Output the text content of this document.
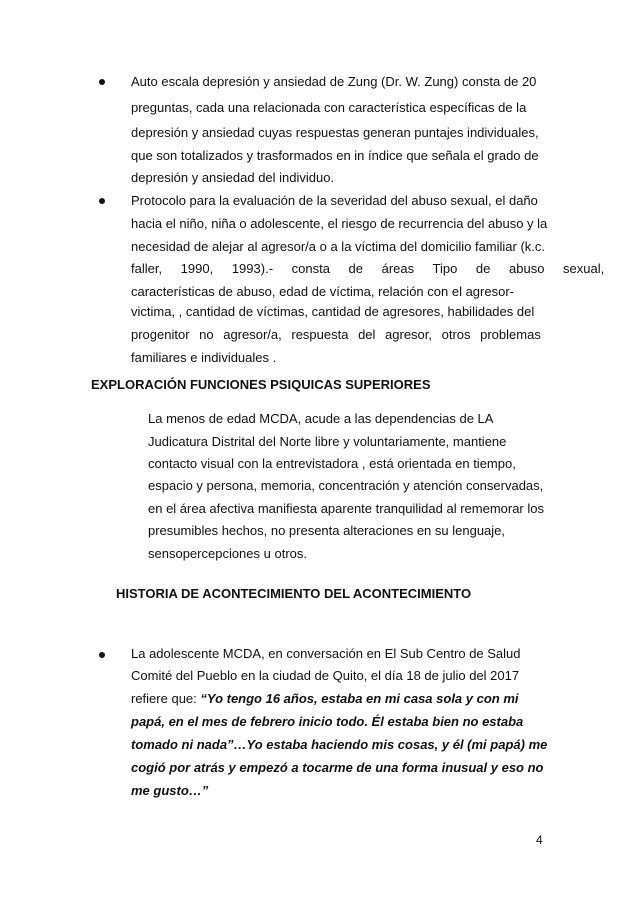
Auto escala depresión y ansiedad de Zung (Dr. W. Zung) consta de 20
preguntas, cada una relacionada con característica específicas de la
depresión y ansiedad cuyas respuestas generan puntajes individuales,
que son totalizados y trasformados en in índice que señala el grado de
depresión y ansiedad del individuo.
Protocolo para la evaluación de la severidad del abuso sexual, el daño
hacia el niño, niña o adolescente, el riesgo de recurrencia del abuso y la
necesidad de alejar al agresor/a o a la víctima del domicilio familiar (k.c.
faller, 1990, 1993).- consta de áreas Tipo de abuso sexual,
características de abuso, edad de víctima, relación con el agresor-
victima, , cantidad de víctimas, cantidad de agresores, habilidades del
progenitor no agresor/a, respuesta del agresor, otros problemas
familiares e individuales .
EXPLORACIÓN FUNCIONES PSIQUICAS SUPERIORES
La menos de edad MCDA, acude a las dependencias de LA
Judicatura Distrital del Norte libre y voluntariamente, mantiene
contacto visual con la entrevistadora , está orientada en tiempo,
espacio y persona, memoria, concentración y atención conservadas,
en el área afectiva manifiesta aparente tranquilidad al rememorar los
presumibles hechos, no presenta alteraciones en su lenguaje,
sensopercepciones u otros.
HISTORIA DE ACONTECIMIENTO DEL ACONTECIMIENTO
La adolescente MCDA, en conversación en El Sub Centro de Salud
Comité del Pueblo en la ciudad de Quito, el día 18 de julio del 2017
refiere que: “Yo tengo 16 años, estaba en mi casa sola y con mi
papá, en el mes de febrero inicio todo. Él estaba bien no estaba
tomado ni nada”…Yo estaba haciendo mis cosas, y él (mi papá) me
cogió por atrás y empezó a tocarme de una forma inusual y eso no
me gusto…”
4
